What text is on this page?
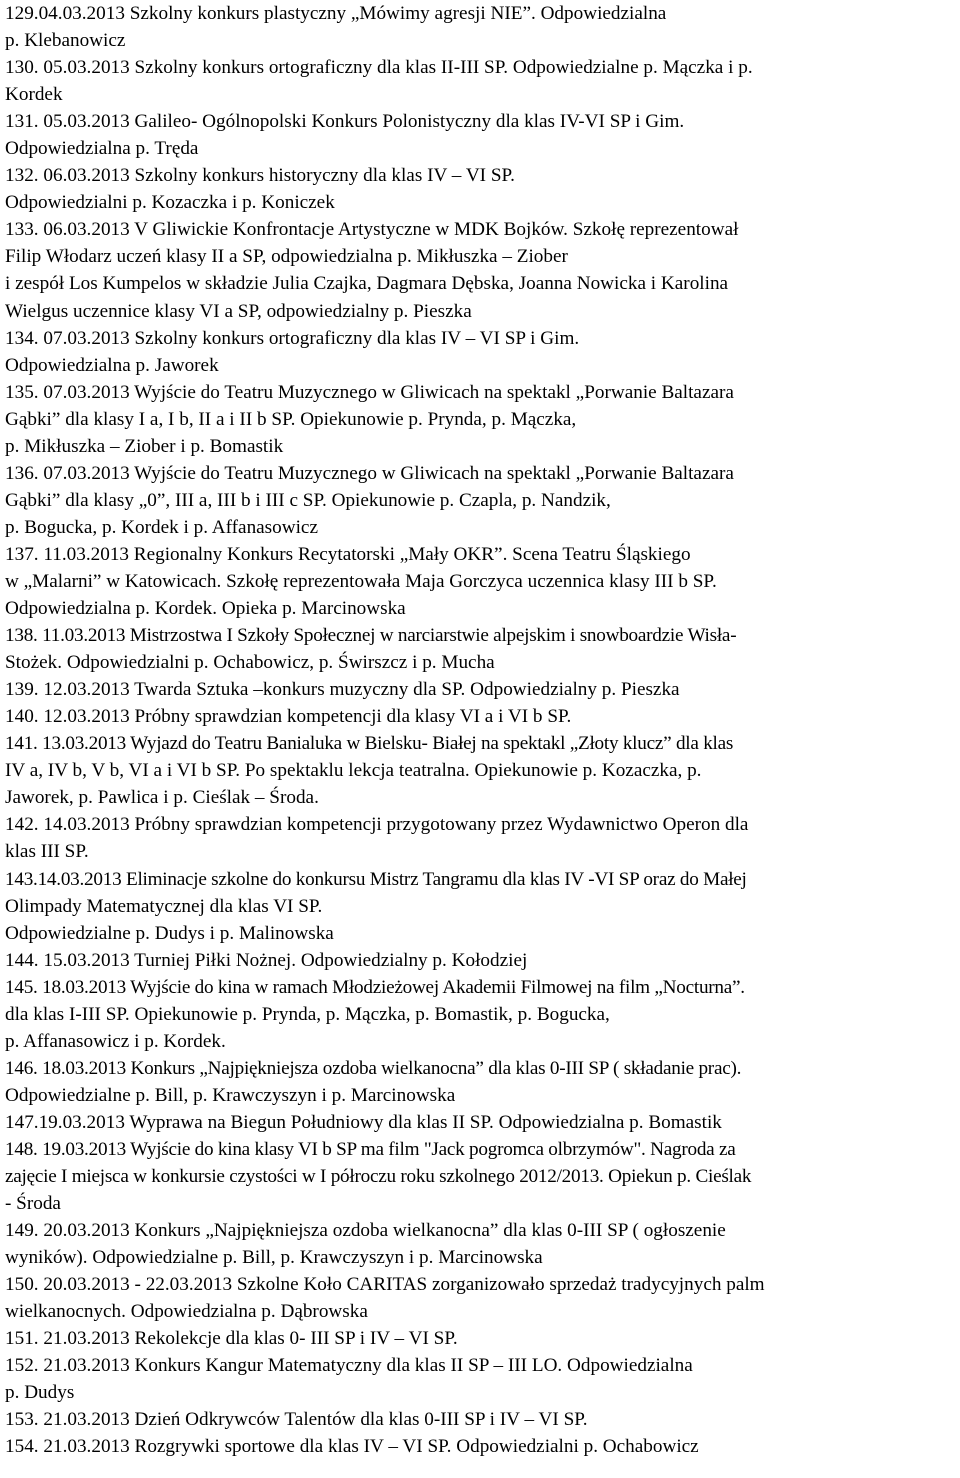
129.04.03.2013 Szkolny konkurs plastyczny „Mówimy agresji NIE”. Odpowiedzialna
p. Klebanowicz
130. 05.03.2013 Szkolny konkurs ortograficzny dla klas II-III SP. Odpowiedzialne p. Mączka i p.
Kordek
131. 05.03.2013 Galileo- Ogólnopolski Konkurs Polonistyczny dla klas IV-VI SP i Gim.
Odpowiedzialna p. Tręda
132. 06.03.2013 Szkolny konkurs historyczny dla klas IV – VI SP.
Odpowiedzialni p. Kozaczka i p. Koniczek
133. 06.03.2013 V Gliwickie Konfrontacje Artystyczne w MDK Bojków. Szkołę reprezentował
Filip Włodarz uczeń klasy II a SP, odpowiedzialna p. Mikłuszka – Ziober
i zespół Los Kumpelos w składzie Julia Czajka, Dagmara Dębska, Joanna Nowicka i Karolina
Wielgus uczennice klasy VI a SP, odpowiedzialny p. Pieszka
134. 07.03.2013 Szkolny konkurs ortograficzny dla klas IV – VI SP i Gim.
Odpowiedzialna p. Jaworek
135. 07.03.2013 Wyjście do Teatru Muzycznego w Gliwicach na spektakl „Porwanie Baltazara
Gąbki” dla klasy I a, I b, II a i II b SP. Opiekunowie p. Prynda, p. Mączka,
p. Mikłuszka – Ziober i p. Bomastik
136. 07.03.2013 Wyjście do Teatru Muzycznego w Gliwicach na spektakl „Porwanie Baltazara
Gąbki” dla klasy „0”, III a, III b i III c SP. Opiekunowie p. Czapla, p. Nandzik,
p. Bogucka, p. Kordek i p. Affanasowicz
137. 11.03.2013 Regionalny Konkurs Recytatorski „Mały OKR”. Scena Teatru Śląskiego
w „Malarni” w Katowicach. Szkołę reprezentowała Maja Gorczyca uczennica klasy III b SP.
Odpowiedzialna p. Kordek. Opieka p. Marcinowska
138. 11.03.2013 Mistrzostwa I Szkoły Społecznej w narciarstwie alpejskim i snowboardzie Wisła-
Stożek. Odpowiedzialni p. Ochabowicz, p. Świrszcz i p. Mucha
139. 12.03.2013 Twarda Sztuka –konkurs muzyczny dla SP. Odpowiedzialny p. Pieszka
140. 12.03.2013 Próbny sprawdzian kompetencji dla klasy VI a i VI b SP.
141. 13.03.2013 Wyjazd do Teatru Banialuka w Bielsku- Białej na spektakl „Złoty klucz” dla klas
IV a, IV b, V b, VI a i VI b SP. Po spektaklu lekcja teatralna. Opiekunowie p. Kozaczka, p.
Jaworek, p. Pawlica i p. Cieślak – Środa.
142. 14.03.2013 Próbny sprawdzian kompetencji przygotowany przez Wydawnictwo Operon dla
klas III SP.
143.14.03.2013 Eliminacje szkolne do konkursu Mistrz Tangramu dla klas IV -VI SP oraz do Małej
Olimpady Matematycznej dla klas VI SP.
Odpowiedzialne p. Dudys i p. Malinowska
144. 15.03.2013 Turniej Piłki Nożnej. Odpowiedzialny p. Kołodziej
145. 18.03.2013 Wyjście do kina w ramach Młodzieżowej Akademii Filmowej na film „Nocturna”.
dla klas I-III SP. Opiekunowie p. Prynda, p. Mączka, p. Bomastik, p. Bogucka,
p. Affanasowicz i p. Kordek.
146. 18.03.2013 Konkurs „Najpiękniejsza ozdoba wielkanocna” dla klas 0-III SP ( składanie prac).
Odpowiedzialne p. Bill, p. Krawczyszyn i p. Marcinowska
147.19.03.2013 Wyprawa na Biegun Południowy dla klas II SP. Odpowiedzialna p. Bomastik
148. 19.03.2013 Wyjście do kina klasy VI b SP ma film "Jack pogromca olbrzymów". Nagroda za
zajęcie I miejsca w konkursie czystości w I półroczu roku szkolnego 2012/2013. Opiekun p. Cieślak
- Środa
149. 20.03.2013 Konkurs „Najpiękniejsza ozdoba wielkanocna” dla klas 0-III SP ( ogłoszenie
wyników). Odpowiedzialne p. Bill, p. Krawczyszyn i p. Marcinowska
150. 20.03.2013 - 22.03.2013 Szkolne Koło CARITAS zorganizowało sprzedaż tradycyjnych palm
wielkanocnych. Odpowiedzialna p. Dąbrowska
151. 21.03.2013 Rekolekcje dla klas 0- III SP i IV – VI SP.
152. 21.03.2013 Konkurs Kangur Matematyczny dla klas II SP – III LO. Odpowiedzialna
p. Dudys
153. 21.03.2013 Dzień Odkrywców Talentów dla klas 0-III SP i IV – VI SP.
154. 21.03.2013 Rozgrywki sportowe dla klas IV – VI SP. Odpowiedzialni p. Ochabowicz
